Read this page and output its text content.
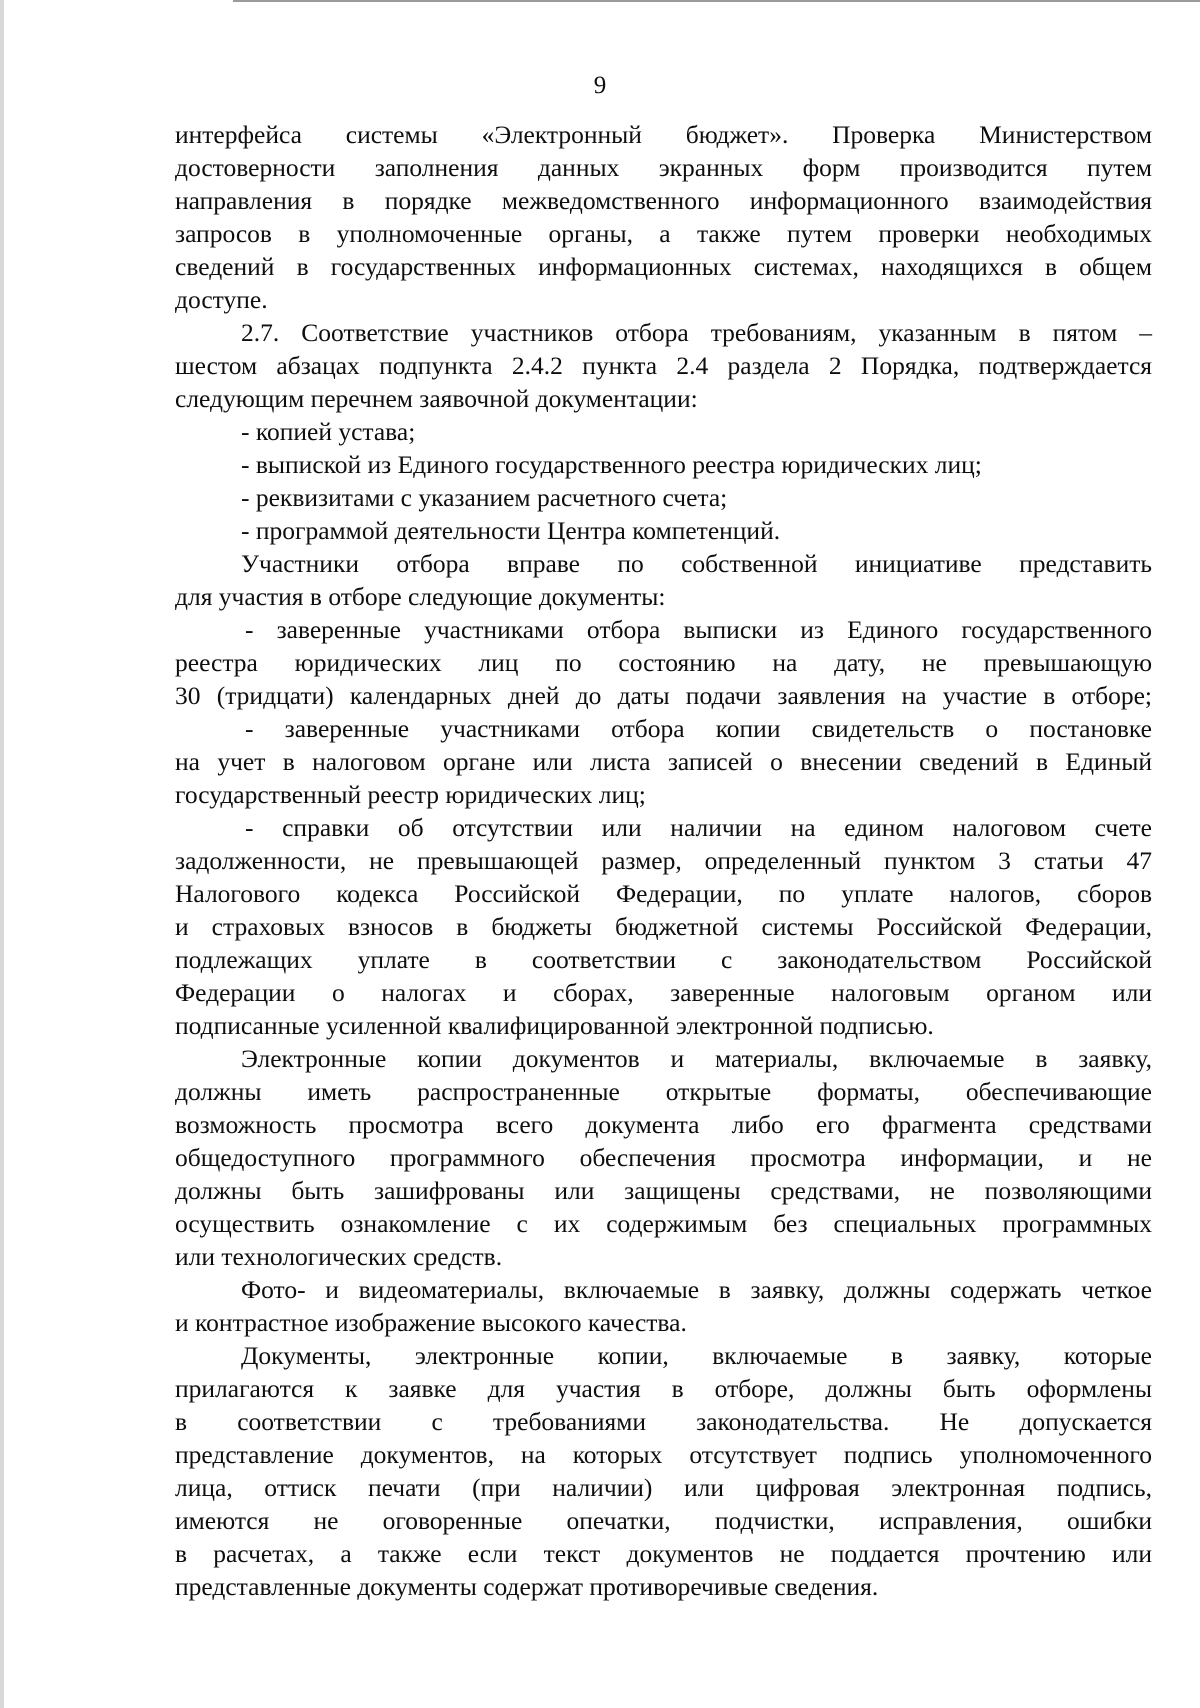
9
интерфейса системы «Электронный бюджет». Проверка Министерством
достоверности заполнения данных экранных форм производится путем
направления в порядке межведомственного информационного взаимодействия
запросов в уполномоченные органы, а также путем проверки необходимых
сведений в государственных информационных системах, находящихся в общем
доступе.
2.7. Соответствие участников отбора требованиям, указанным в пятом –
шестом абзацах подпункта 2.4.2 пункта 2.4 раздела 2 Порядка, подтверждается
следующим перечнем заявочной документации:
- копией устава;
- выпиской из Единого государственного реестра юридических лиц;
- реквизитами с указанием расчетного счета;
- программой деятельности Центра компетенций.
Участники отбора вправе по собственной инициативе представить
для участия в отборе следующие документы:
- заверенные участниками отбора выписки из Единого государственного
реестра юридических лиц по состоянию на дату, не превышающую
30 (тридцати) календарных дней до даты подачи заявления на участие в отборе;
- заверенные участниками отбора копии свидетельств о постановке
на учет в налоговом органе или листа записей о внесении сведений в Единый
государственный реестр юридических лиц;
- справки об отсутствии или наличии на едином налоговом счете
задолженности, не превышающей размер, определенный пунктом 3 статьи 47
Налогового кодекса Российской Федерации, по уплате налогов, сборов
и страховых взносов в бюджеты бюджетной системы Российской Федерации,
подлежащих уплате в соответствии с законодательством Российской
Федерации о налогах и сборах, заверенные налоговым органом или
подписанные усиленной квалифицированной электронной подписью.
Электронные копии документов и материалы, включаемые в заявку,
должны иметь распространенные открытые форматы, обеспечивающие
возможность просмотра всего документа либо его фрагмента средствами
общедоступного программного обеспечения просмотра информации, и не
должны быть зашифрованы или защищены средствами, не позволяющими
осуществить ознакомление с их содержимым без специальных программных
или технологических средств.
Фото- и видеоматериалы, включаемые в заявку, должны содержать четкое
и контрастное изображение высокого качества.
Документы, электронные копии, включаемые в заявку, которые
прилагаются к заявке для участия в отборе, должны быть оформлены
в соответствии с требованиями законодательства. Не допускается
представление документов, на которых отсутствует подпись уполномоченного
лица, оттиск печати (при наличии) или цифровая электронная подпись,
имеются не оговоренные опечатки, подчистки, исправления, ошибки
в расчетах, а также если текст документов не поддается прочтению или
представленные документы содержат противоречивые сведения.
